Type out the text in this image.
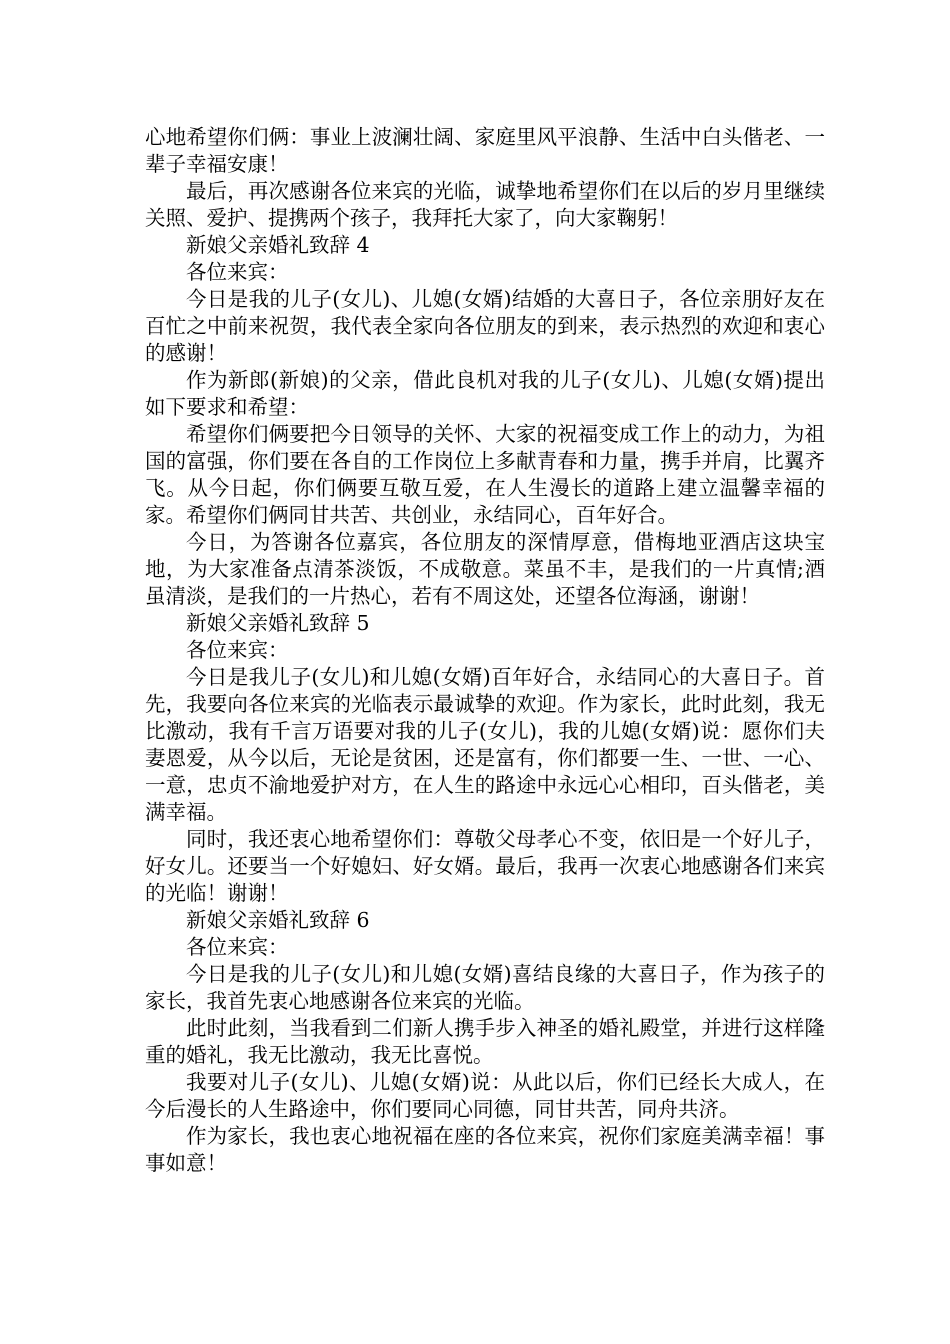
心地希望你们俩：事业上波澜壮阔、家庭里风平浪静、生活中白头偕老、一辈子幸福安康！

最后，再次感谢各位来宾的光临，诚挚地希望你们在以后的岁月里继续关照、爱护、提携两个孩子，我拜托大家了，向大家鞠躬！

新娘父亲婚礼致辞 4

各位来宾：

今日是我的儿子(女儿)、儿媳(女婿)结婚的大喜日子，各位亲朋好友在百忙之中前来祝贺，我代表全家向各位朋友的到来，表示热烈的欢迎和衷心的感谢！

作为新郎(新娘)的父亲，借此良机对我的儿子(女儿)、儿媳(女婿)提出如下要求和希望：

希望你们俩要把今日领导的关怀、大家的祝福变成工作上的动力，为祖国的富强，你们要在各自的工作岗位上多献青春和力量，携手并肩，比翼齐飞。从今日起，你们俩要互敬互爱，在人生漫长的道路上建立温馨幸福的家。希望你们俩同甘共苦、共创业，永结同心，百年好合。

今日，为答谢各位嘉宾，各位朋友的深情厚意，借梅地亚酒店这块宝地，为大家准备点清茶淡饭，不成敬意。菜虽不丰，是我们的一片真情;酒虽清淡，是我们的一片热心，若有不周这处，还望各位海涵，谢谢！

新娘父亲婚礼致辞 5

各位来宾：

今日是我儿子(女儿)和儿媳(女婿)百年好合，永结同心的大喜日子。首先，我要向各位来宾的光临表示最诚挚的欢迎。作为家长，此时此刻，我无比激动，我有千言万语要对我的儿子(女儿)，我的儿媳(女婿)说：愿你们夫妻恩爱，从今以后，无论是贫困，还是富有，你们都要一生、一世、一心、一意，忠贞不渝地爱护对方，在人生的路途中永远心心相印，百头偕老，美满幸福。

同时，我还衷心地希望你们：尊敬父母孝心不变，依旧是一个好儿子，好女儿。还要当一个好媳妇、好女婿。最后，我再一次衷心地感谢各们来宾的光临！谢谢！

新娘父亲婚礼致辞 6

各位来宾：

今日是我的儿子(女儿)和儿媳(女婿)喜结良缘的大喜日子，作为孩子的家长，我首先衷心地感谢各位来宾的光临。

此时此刻，当我看到二们新人携手步入神圣的婚礼殿堂，并进行这样隆重的婚礼，我无比激动，我无比喜悦。

我要对儿子(女儿)、儿媳(女婿)说：从此以后，你们已经长大成人，在今后漫长的人生路途中，你们要同心同德，同甘共苦，同舟共济。

作为家长，我也衷心地祝福在座的各位来宾，祝你们家庭美满幸福！事事如意！
